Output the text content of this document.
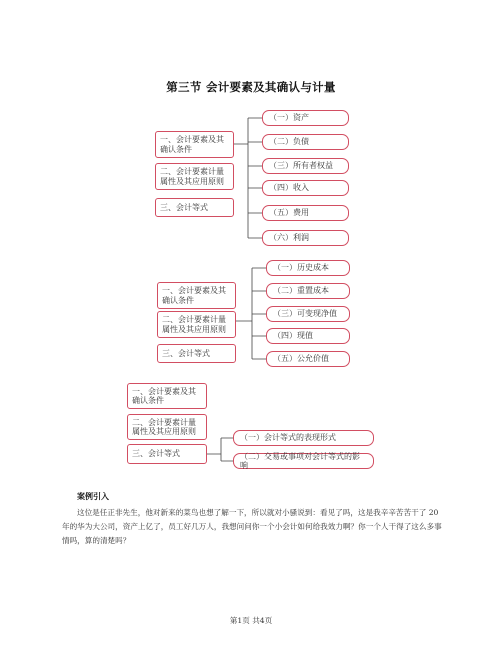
第三节 会计要素及其确认与计量
一、会计要素及其确认条件
二、会计要素计量属性及其应用原则
三、会计等式
（一）资产
（二）负债
（三）所有者权益
（四）收入
（五）费用
（六）利润
一、会计要素及其确认条件
二、会计要素计量属性及其应用原则
三、会计等式
（一）历史成本
（二）重置成本
（三）可变现净值
（四）现值
（五）公允价值
一、会计要素及其确认条件
二、会计要素计量属性及其应用原则
三、会计等式
（一）会计等式的表现形式
（二）交易或事项对会计等式的影响
案例引入
这位是任正非先生，他对新来的菜鸟也想了解一下，所以就对小骚说到：看见了吗，这是我辛辛苦苦干了 20年的华为大公司，资产上亿了，员工好几万人，我想问问你一个小会计如何给我效力啊？你一个人干得了这么多事情吗，算的清楚吗？
第1页 共4页
